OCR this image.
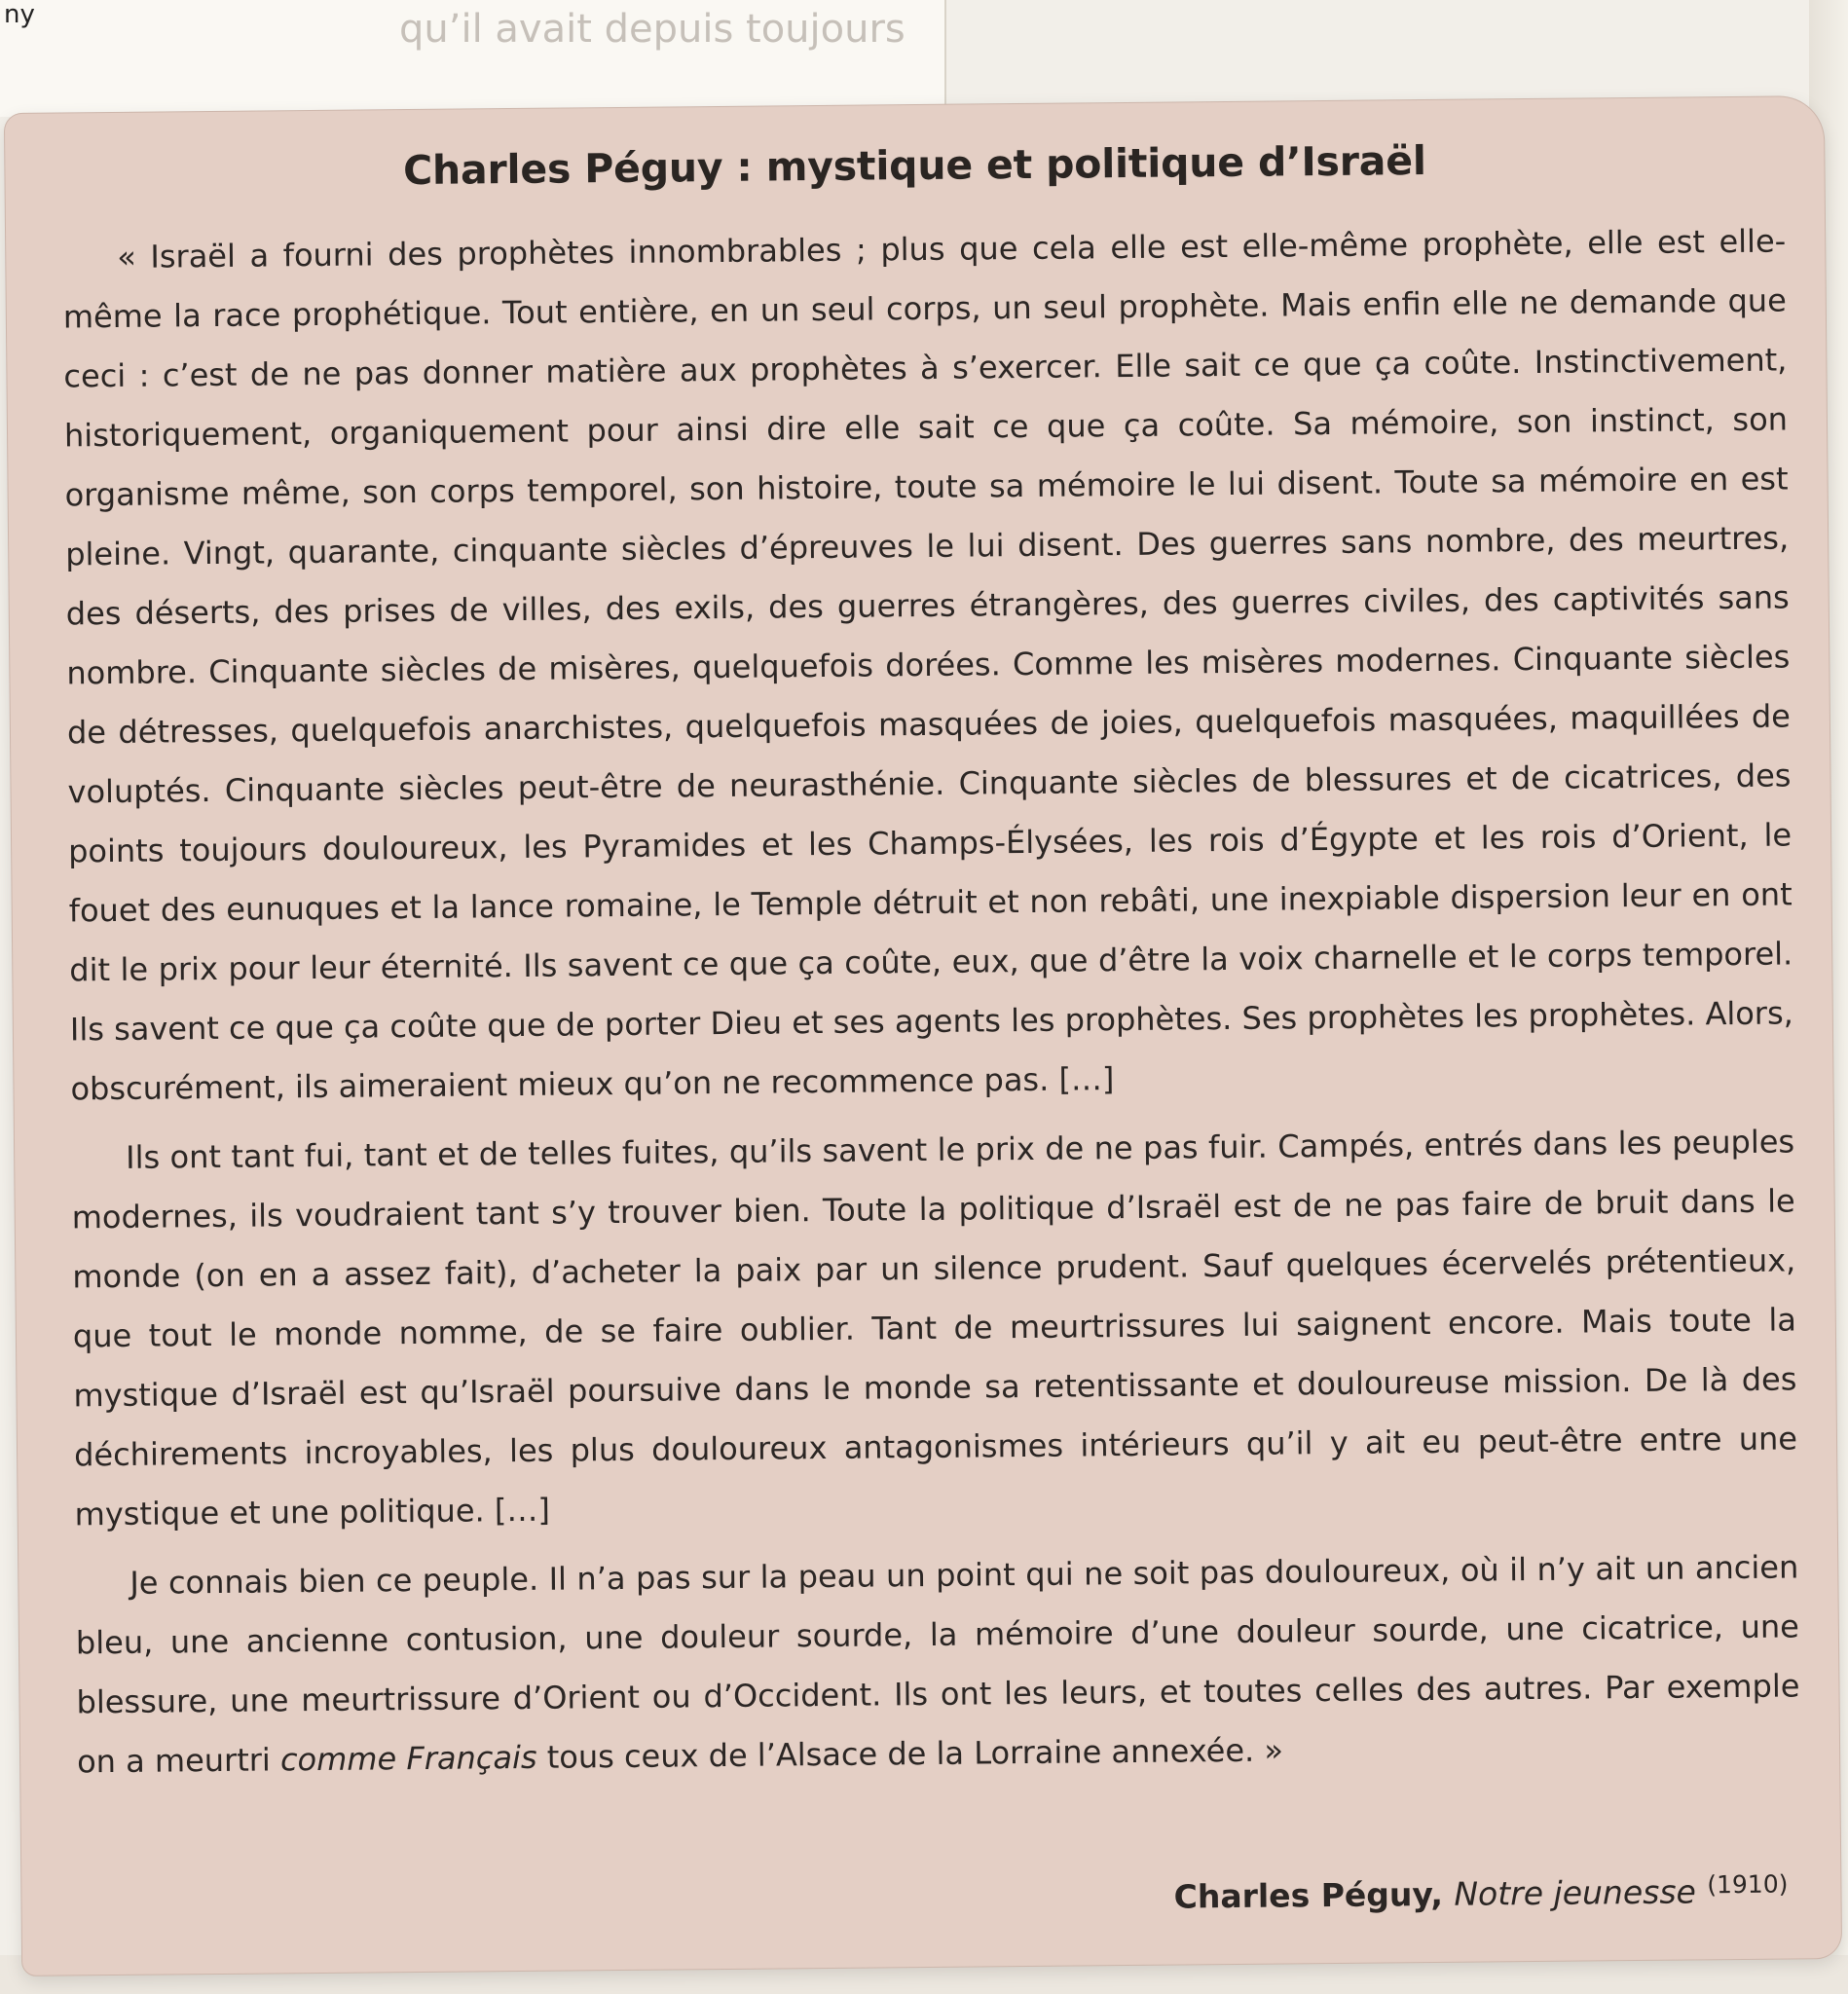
qu’il avait depuis toujours
ny
Charles Péguy : mystique et politique d’Israël

« Israël a fourni des prophètes innombrables ; plus que cela elle est elle-même prophète, elle est elle-même la race prophétique. Tout entière, en un seul corps, un seul prophète. Mais enfin elle ne demande que ceci : c’est de ne pas donner matière aux prophètes à s’exercer. Elle sait ce que ça coûte. Instinctivement, historiquement, organiquement pour ainsi dire elle sait ce que ça coûte. Sa mémoire, son instinct, son organisme même, son corps temporel, son histoire, toute sa mémoire le lui disent. Toute sa mémoire en est pleine. Vingt, quarante, cinquante siècles d’épreuves le lui disent. Des guerres sans nombre, des meurtres, des déserts, des prises de villes, des exils, des guerres étrangères, des guerres civiles, des captivités sans nombre. Cinquante siècles de misères, quelquefois dorées. Comme les misères modernes. Cinquante siècles de détresses, quelquefois anarchistes, quelquefois masquées de joies, quelquefois masquées, maquillées de voluptés. Cinquante siècles peut-être de neurasthénie. Cinquante siècles de blessures et de cicatrices, des points toujours douloureux, les Pyramides et les Champs-Élysées, les rois d’Égypte et les rois d’Orient, le fouet des eunuques et la lance romaine, le Temple détruit et non rebâti, une inexpiable dispersion leur en ont dit le prix pour leur éternité. Ils savent ce que ça coûte, eux, que d’être la voix charnelle et le corps temporel. Ils savent ce que ça coûte que de porter Dieu et ses agents les prophètes. Ses prophètes les prophètes. Alors, obscurément, ils aimeraient mieux qu’on ne recommence pas. […]

Ils ont tant fui, tant et de telles fuites, qu’ils savent le prix de ne pas fuir. Campés, entrés dans les peuples modernes, ils voudraient tant s’y trouver bien. Toute la politique d’Israël est de ne pas faire de bruit dans le monde (on en a assez fait), d’acheter la paix par un silence prudent. Sauf quelques écervelés prétentieux, que tout le monde nomme, de se faire oublier. Tant de meurtrissures lui saignent encore. Mais toute la mystique d’Israël est qu’Israël poursuive dans le monde sa retentissante et douloureuse mission. De là des déchirements incroyables, les plus douloureux antagonismes intérieurs qu’il y ait eu peut-être entre une mystique et une politique. […]

Je connais bien ce peuple. Il n’a pas sur la peau un point qui ne soit pas douloureux, où il n’y ait un ancien bleu, une ancienne contusion, une douleur sourde, la mémoire d’une douleur sourde, une cicatrice, une blessure, une meurtrissure d’Orient ou d’Occident. Ils ont les leurs, et toutes celles des autres. Par exemple on a meurtri comme Français tous ceux de l’Alsace de la Lorraine annexée. »

Charles Péguy, Notre jeunesse $^{(1910)}$
